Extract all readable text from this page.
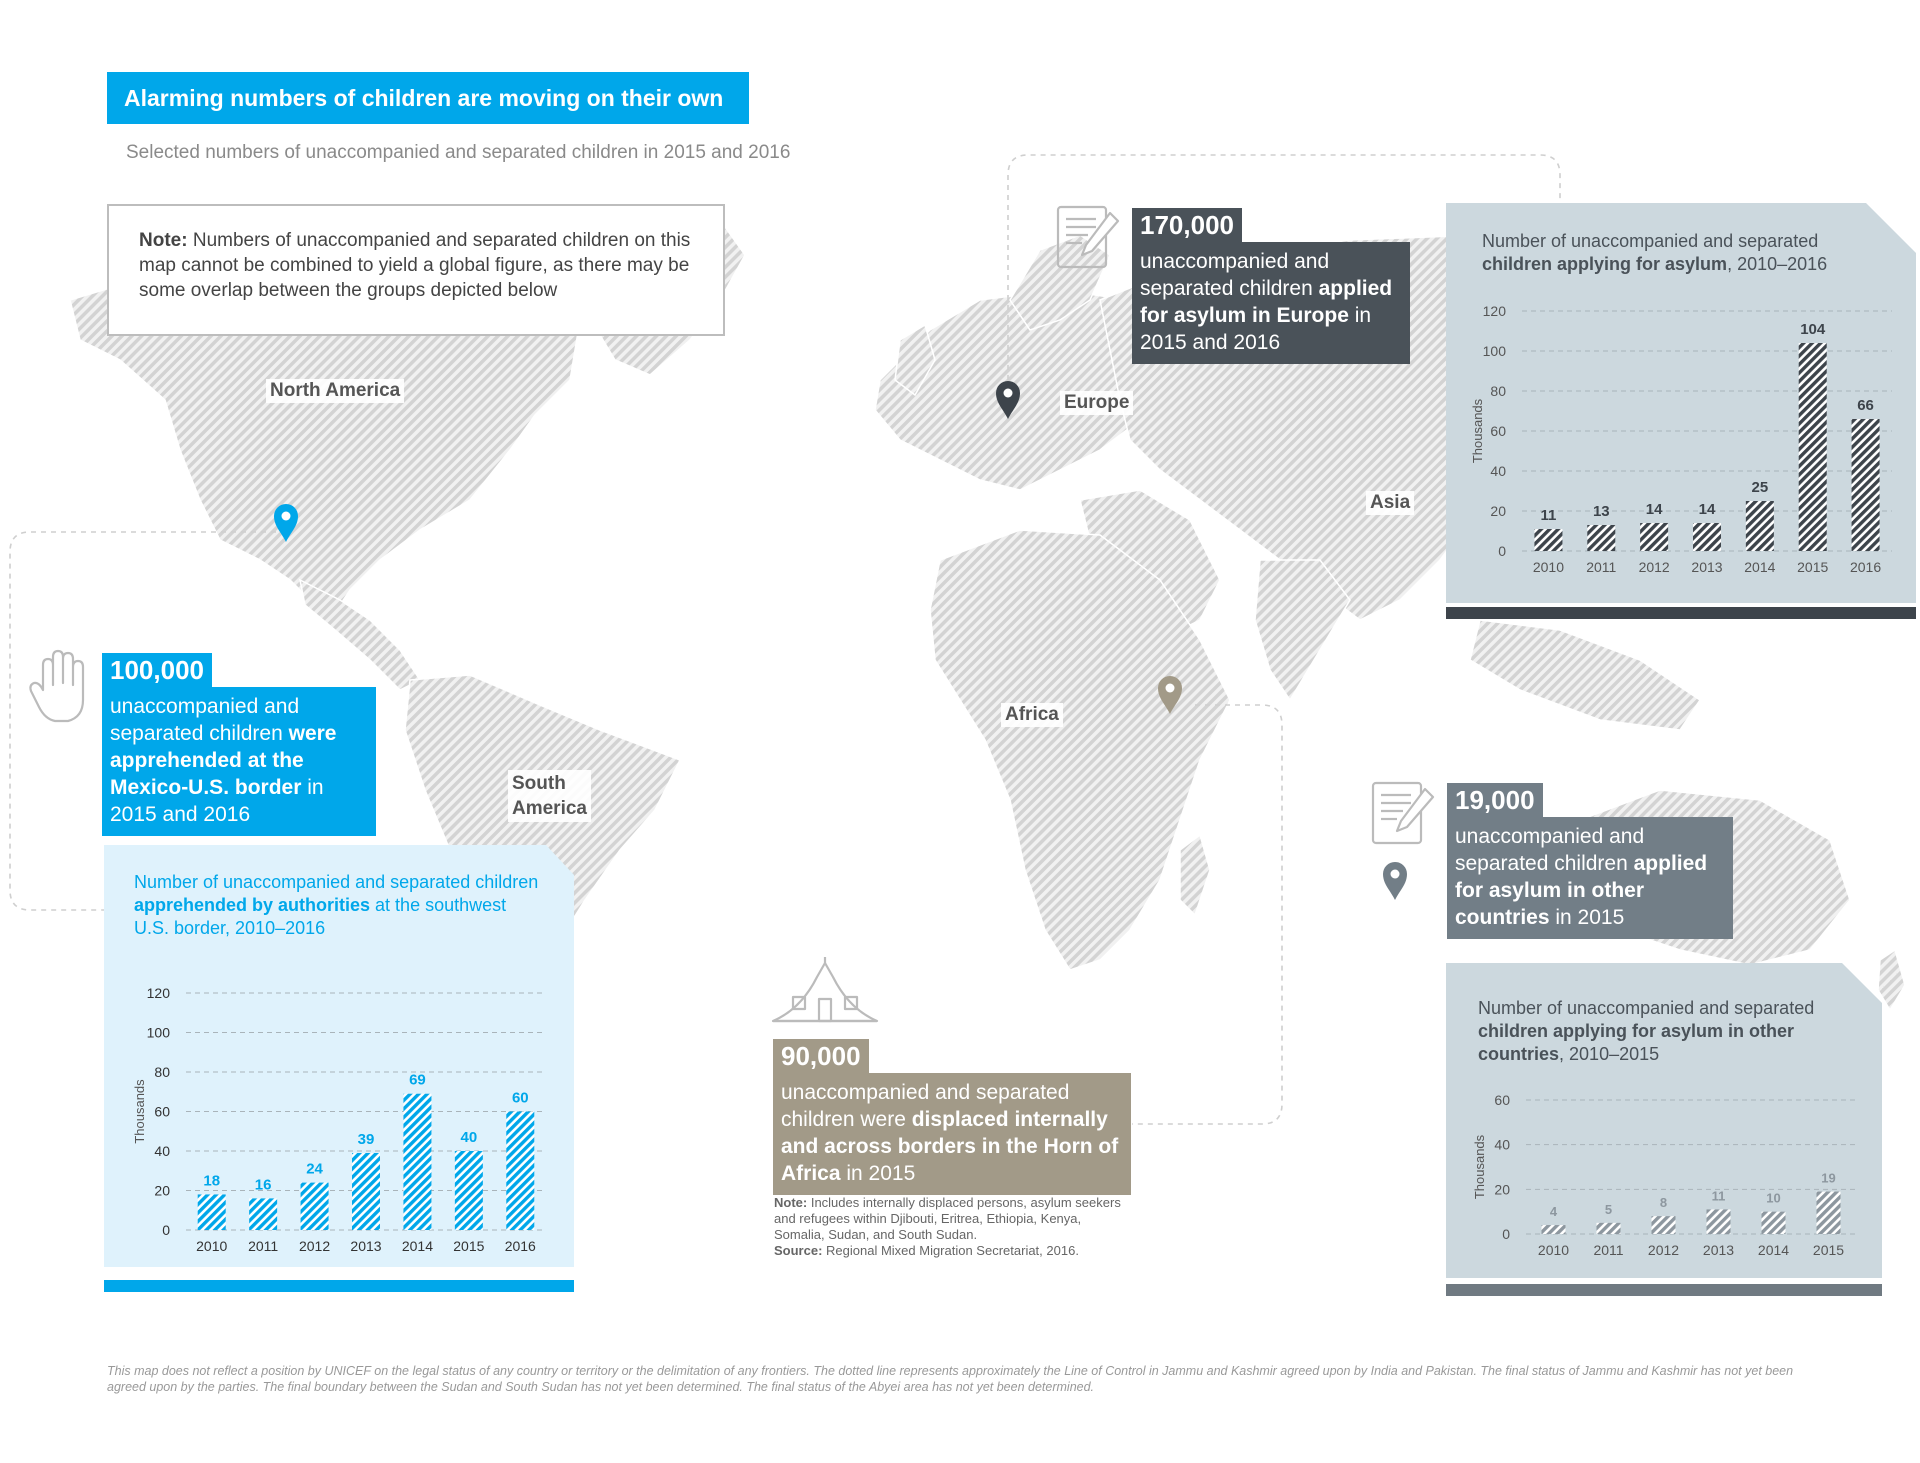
Alarming numbers of children are moving on their own
Selected numbers of unaccompanied and separated children in 2015 and 2016
Note: Numbers of unaccompanied and separated children on this map cannot be combined to yield a global figure, as there may be some overlap between the groups depicted below
North America
Europe
Asia
Africa
South
America
100,000
unaccompanied and separated children were apprehended at the Mexico-U.S. border in 2015 and 2016
170,000
unaccompanied and separated children applied for asylum in Europe in 2015 and 2016
19,000
unaccompanied and separated children applied for asylum in other countries in 2015
90,000
unaccompanied and separated children were displaced internally and across borders in the Horn of Africa in 2015
Note: Includes internally displaced persons, asylum seekers and refugees within Djibouti, Eritrea, Ethiopia, Kenya, Somalia, Sudan, and South Sudan.
Source: Regional Mixed Migration Secretariat, 2016.
Number of unaccompanied and separated children apprehended by authorities at the southwest U.S. border, 2010–2016
0
20
40
60
80
100
120
Thousands
18
2010
16
2011
24
2012
39
2013
69
2014
40
2015
60
2016
Number of unaccompanied and separated children applying for asylum, 2010–2016
0
20
40
60
80
100
120
Thousands
11
2010
13
2011
14
2012
14
2013
25
2014
104
2015
66
2016
Number of unaccompanied and separated children applying for asylum in other countries, 2010–2015
0
20
40
60
Thousands
4
2010
5
2011
8
2012
11
2013
10
2014
19
2015
This map does not reflect a position by UNICEF on the legal status of any country or territory or the delimitation of any frontiers. The dotted line represents approximately the Line of Control in Jammu and Kashmir agreed upon by India and Pakistan. The final status of Jammu and Kashmir has not yet been agreed upon by the parties. The final boundary between the Sudan and South Sudan has not yet been determined. The final status of the Abyei area has not yet been determined.
